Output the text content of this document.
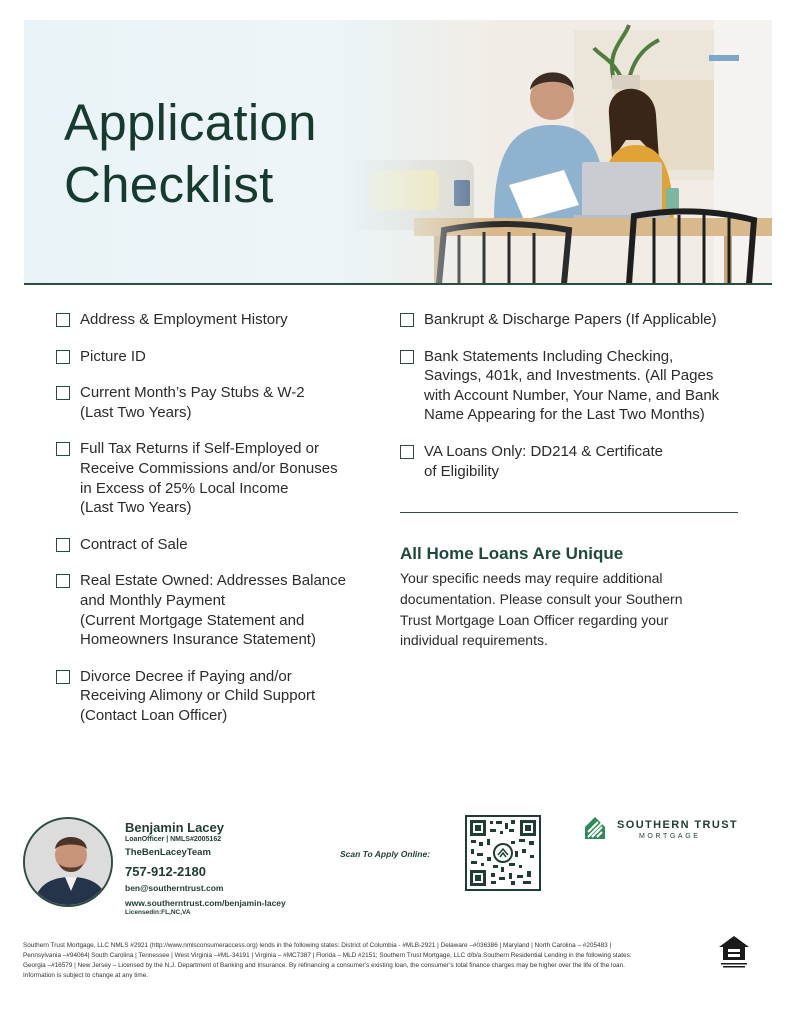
Application
Checklist
Address & Employment History
Picture ID
Current Month’s Pay Stubs & W-2
(Last Two Years)
Full Tax Returns if Self-Employed or
Receive Commissions and/or Bonuses
in Excess of 25% Local Income
(Last Two Years)
Contract of Sale
Real Estate Owned: Addresses Balance
and Monthly Payment
(Current Mortgage Statement and
Homeowners Insurance Statement)
Divorce Decree if Paying and/or
Receiving Alimony or Child Support
(Contact Loan Officer)
Bankrupt & Discharge Papers (If Applicable)
Bank Statements Including Checking,
Savings, 401k, and Investments. (All Pages
with Account Number, Your Name, and Bank
Name Appearing for the Last Two Months)
VA Loans Only: DD214 & Certificate
of Eligibility
All Home Loans Are Unique
Your specific needs may require additional
documentation. Please consult your Southern
Trust Mortgage Loan Officer regarding your
individual requirements.
Benjamin Lacey
LoanOfficer | NMLS#2005162
TheBenLaceyTeam
757-912-2180
ben@southerntrust.com
www.southerntrust.com/benjamin-lacey
Licensedin:FL,NC,VA
Scan To Apply Online:
SOUTHERN TRUST
MORTGAGE
Southern Trust Mortgage, LLC NMLS #2921 (http://www.nmlsconsumeraccess.org) lends in the following states: District of Columbia - #MLB-2921 | Delaware –#036386 | Maryland | North Carolina – #205483 | Pennsylvania –#94064| South Carolina | Tennessee | West Virginia –#ML-34191 | Virginia – #MC7387 | Florida – MLD #2151; Southern Trust Mortgage, LLC d/b/a Southern Residential Lending in the following states: Georgia –#16579 | New Jersey – Licensed by the N.J. Department of Banking and Insurance. By refinancing a consumer’s existing loan, the consumer’s total finance charges may be higher over the life of the loan. Information is subject to change at any time.
